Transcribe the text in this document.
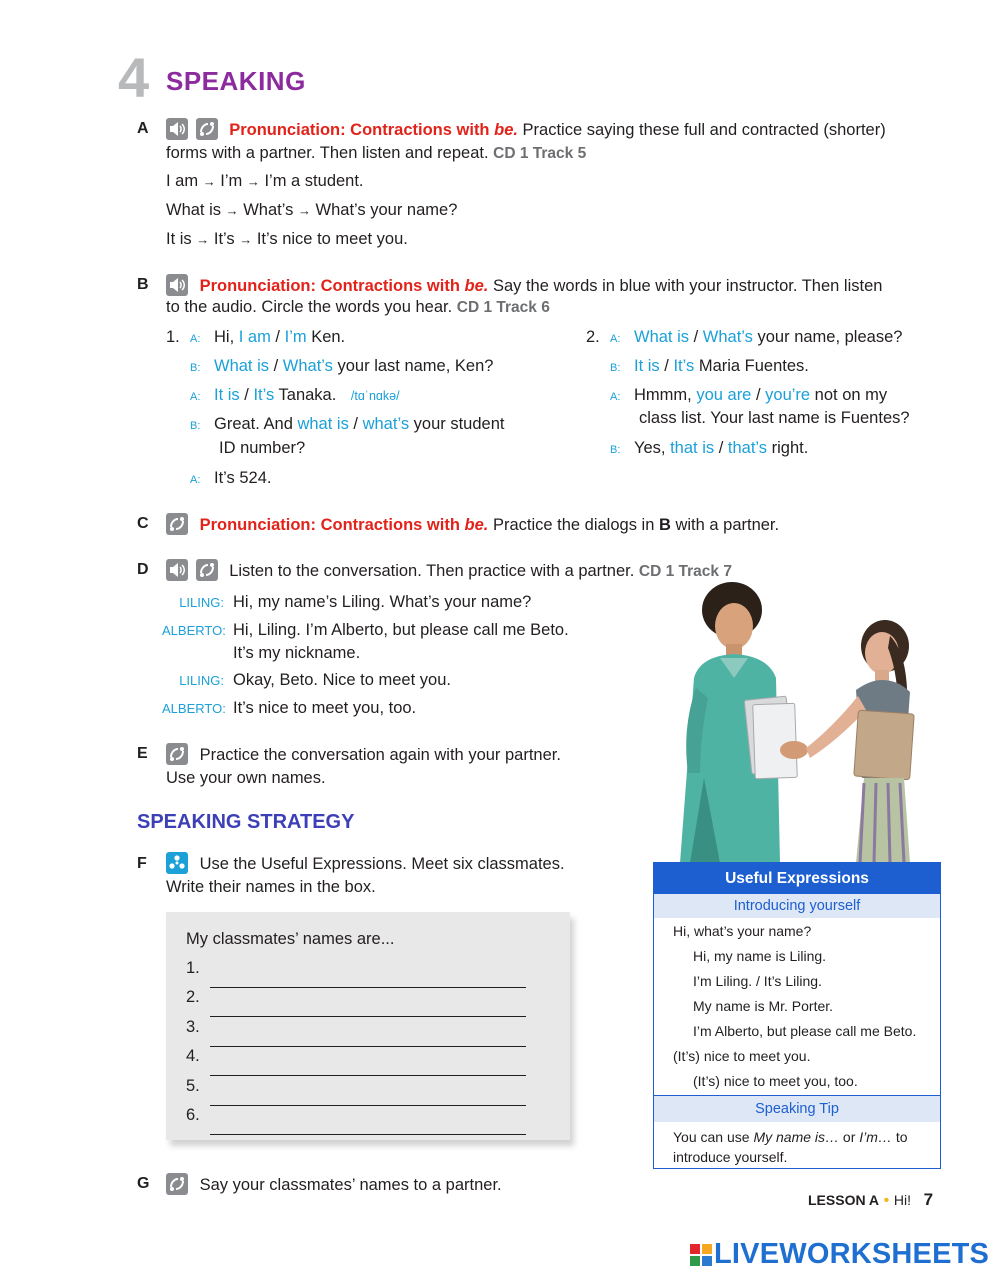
4 SPEAKING
A
	Pronunciation: Contractions with be. Practice saying these full and contracted (shorter)
forms with a partner. Then listen and repeat. CD 1 Track 5
I am → I’m → I’m a student.
What is → What’s → What’s your name?
It is → It’s → It’s nice to meet you.
B	Pronunciation: Contractions with be. Say the words in blue with your instructor. Then listen
to the audio. Circle the words you hear. CD 1 Track 6
1. A: Hi, I am / I’m Ken.
B: What is / What’s your last name, Ken?
A: It is / It’s Tanaka. /tɑˈnɑkə/
B: Great. And what is / what’s your student
ID number?
A: It’s 524.
2. A: What is / What’s your name, please?
B: It is / It’s Maria Fuentes.
A: Hmmm, you are / you’re not on my
class list. Your last name is Fuentes?
B: Yes, that is / that’s right.
C	Pronunciation: Contractions with be. Practice the dialogs in B with a partner.
D
	Listen to the conversation. Then practice with a partner. CD 1 Track 7
LILING: Hi, my name’s Liling. What’s your name?
ALBERTO: Hi, Liling. I’m Alberto, but please call me Beto.
It’s my nickname.
LILING: Okay, Beto. Nice to meet you.
ALBERTO: It’s nice to meet you, too.
E	Practice the conversation again with your partner.
Use your own names.
SPEAKING STRATEGY
F	Use the Useful Expressions. Meet six classmates.
Write their names in the box.
My classmates’ names are...
1.
2.
3.
4.
5.
6.
Useful Expressions
Introducing yourself
Hi, what’s your name?
Hi, my name is Liling.
I’m Liling. / It’s Liling.
My name is Mr. Porter.
I’m Alberto, but please call me Beto.
(It’s) nice to meet you.
(It’s) nice to meet you, too.
Speaking Tip
You can use My name is… or I’m… to
introduce yourself.
G	Say your classmates’ names to a partner.
LESSON A • Hi! 7
LIVEWORKSHEETS
